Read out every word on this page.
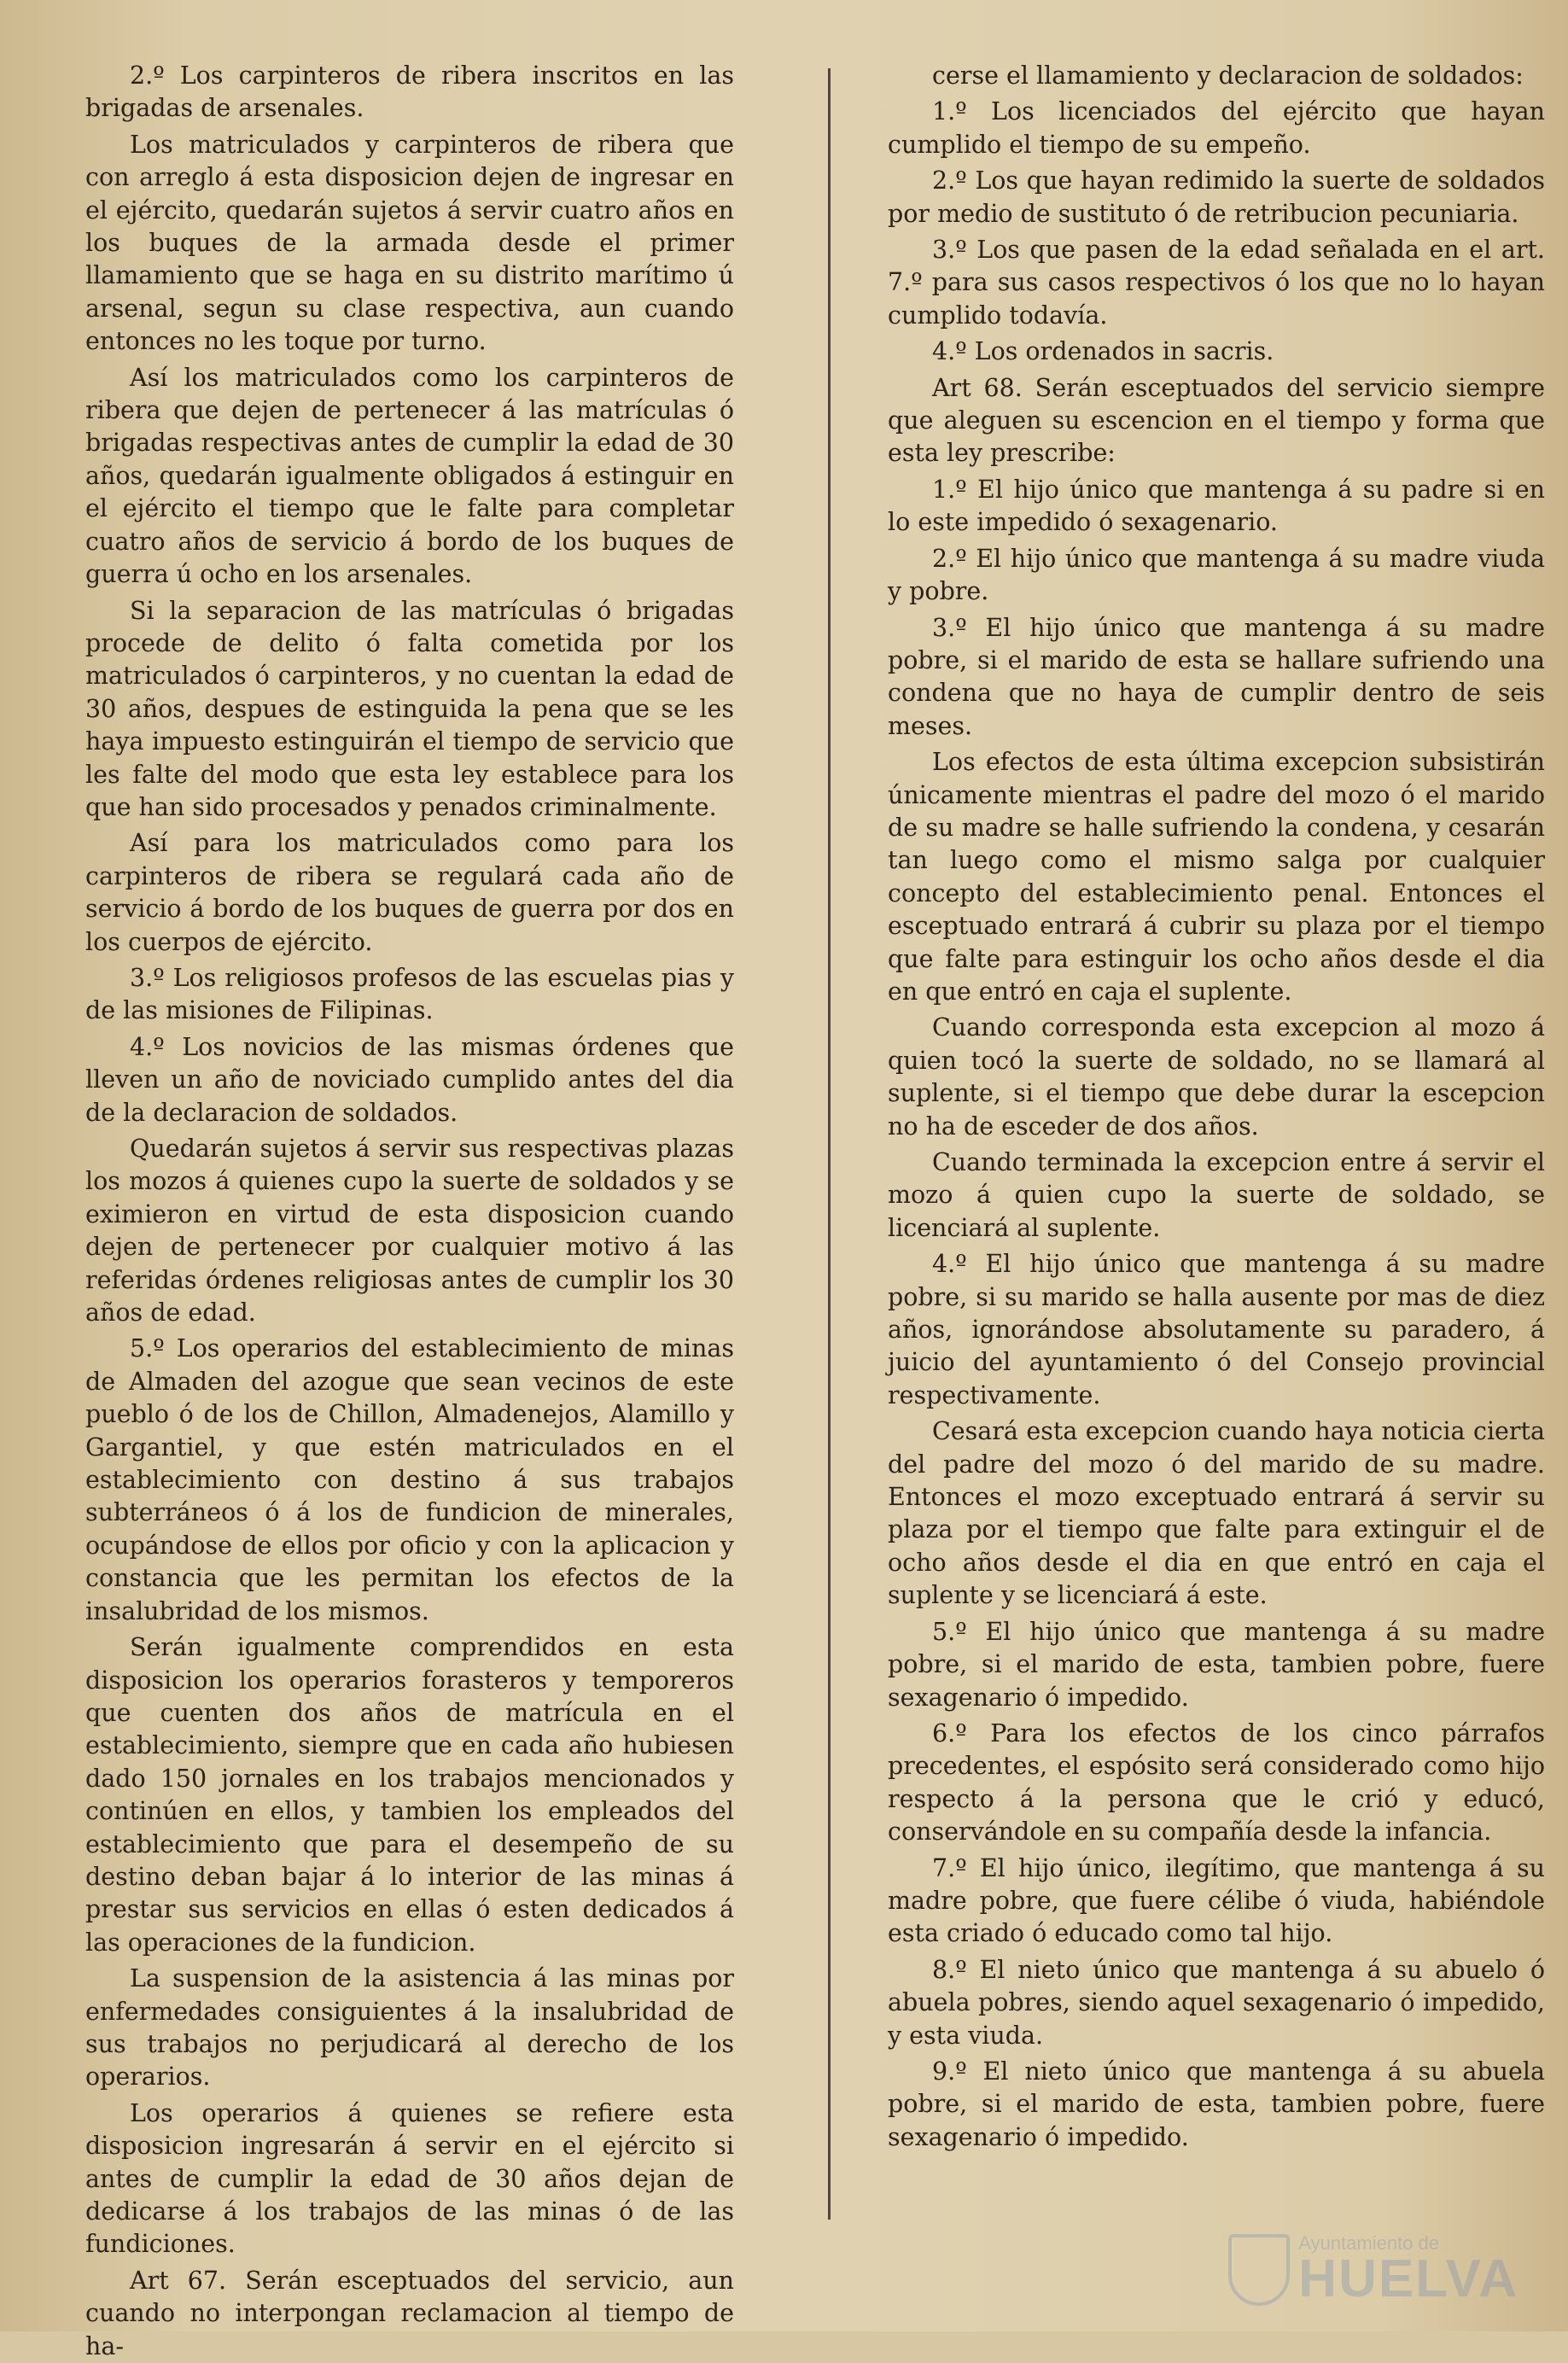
2.º Los carpinteros de ribera inscritos en las brigadas de arsenales.

Los matriculados y carpinteros de ribera que con arreglo á esta disposicion dejen de ingresar en el ejército, quedarán sujetos á servir cuatro años en los buques de la armada desde el primer llamamiento que se haga en su distrito marítimo ú arsenal, segun su clase respectiva, aun cuando entonces no les toque por turno.

Así los matriculados como los carpinteros de ribera que dejen de pertenecer á las matrículas ó brigadas respectivas antes de cumplir la edad de 30 años, quedarán igualmente obligados á estinguir en el ejército el tiempo que le falte para completar cuatro años de servicio á bordo de los buques de guerra ú ocho en los arsenales.

Si la separacion de las matrículas ó brigadas procede de delito ó falta cometida por los matriculados ó carpinteros, y no cuentan la edad de 30 años, despues de estinguida la pena que se les haya impuesto estinguirán el tiempo de servicio que les falte del modo que esta ley establece para los que han sido procesados y penados criminalmente.

Así para los matriculados como para los carpinteros de ribera se regulará cada año de servicio á bordo de los buques de guerra por dos en los cuerpos de ejército.

3.º Los religiosos profesos de las escuelas pias y de las misiones de Filipinas.

4.º Los novicios de las mismas órdenes que lleven un año de noviciado cumplido antes del dia de la declaracion de soldados.

Quedarán sujetos á servir sus respectivas plazas los mozos á quienes cupo la suerte de soldados y se eximieron en virtud de esta disposicion cuando dejen de pertenecer por cualquier motivo á las referidas órdenes religiosas antes de cumplir los 30 años de edad.

5.º Los operarios del establecimiento de minas de Almaden del azogue que sean vecinos de este pueblo ó de los de Chillon, Almadenejos, Alamillo y Gargantiel, y que estén matriculados en el establecimiento con destino á sus trabajos subterráneos ó á los de fundicion de minerales, ocupándose de ellos por oficio y con la aplicacion y constancia que les permitan los efectos de la insalubridad de los mismos.

Serán igualmente comprendidos en esta disposicion los operarios forasteros y temporeros que cuenten dos años de matrícula en el establecimiento, siempre que en cada año hubiesen dado 150 jornales en los trabajos mencionados y continúen en ellos, y tambien los empleados del establecimiento que para el desempeño de su destino deban bajar á lo interior de las minas á prestar sus servicios en ellas ó esten dedicados á las operaciones de la fundicion.

La suspension de la asistencia á las minas por enfermedades consiguientes á la insalubridad de sus trabajos no perjudicará al derecho de los operarios.

Los operarios á quienes se refiere esta disposicion ingresarán á servir en el ejército si antes de cumplir la edad de 30 años dejan de dedicarse á los trabajos de las minas ó de las fundiciones.

Art 67. Serán esceptuados del servicio, aun cuando no interpongan reclamacion al tiempo de ha-

cerse el llamamiento y declaracion de soldados:

1.º Los licenciados del ejército que hayan cumplido el tiempo de su empeño.

2.º Los que hayan redimido la suerte de soldados por medio de sustituto ó de retribucion pecuniaria.

3.º Los que pasen de la edad señalada en el art. 7.º para sus casos respectivos ó los que no lo hayan cumplido todavía.

4.º Los ordenados in sacris.

Art 68. Serán esceptuados del servicio siempre que aleguen su escencion en el tiempo y forma que esta ley prescribe:

1.º El hijo único que mantenga á su padre si en lo este impedido ó sexagenario.

2.º El hijo único que mantenga á su madre viuda y pobre.

3.º El hijo único que mantenga á su madre pobre, si el marido de esta se hallare sufriendo una condena que no haya de cumplir dentro de seis meses.

Los efectos de esta última excepcion subsistirán únicamente mientras el padre del mozo ó el marido de su madre se halle sufriendo la condena, y cesarán tan luego como el mismo salga por cualquier concepto del establecimiento penal. Entonces el esceptuado entrará á cubrir su plaza por el tiempo que falte para estinguir los ocho años desde el dia en que entró en caja el suplente.

Cuando corresponda esta excepcion al mozo á quien tocó la suerte de soldado, no se llamará al suplente, si el tiempo que debe durar la escepcion no ha de esceder de dos años.

Cuando terminada la excepcion entre á servir el mozo á quien cupo la suerte de soldado, se licenciará al suplente.

4.º El hijo único que mantenga á su madre pobre, si su marido se halla ausente por mas de diez años, ignorándose absolutamente su paradero, á juicio del ayuntamiento ó del Consejo provincial respectivamente.

Cesará esta excepcion cuando haya noticia cierta del padre del mozo ó del marido de su madre. Entonces el mozo exceptuado entrará á servir su plaza por el tiempo que falte para extinguir el de ocho años desde el dia en que entró en caja el suplente y se licenciará á este.

5.º El hijo único que mantenga á su madre pobre, si el marido de esta, tambien pobre, fuere sexagenario ó impedido.

6.º Para los efectos de los cinco párrafos precedentes, el espósito será considerado como hijo respecto á la persona que le crió y educó, conservándole en su compañía desde la infancia.

7.º El hijo único, ilegítimo, que mantenga á su madre pobre, que fuere célibe ó viuda, habiéndole esta criado ó educado como tal hijo.

8.º El nieto único que mantenga á su abuelo ó abuela pobres, siendo aquel sexagenario ó impedido, y esta viuda.

9.º El nieto único que mantenga á su abuela pobre, si el marido de esta, tambien pobre, fuere sexagenario ó impedido.

Ayuntamiento de
HUELVA
